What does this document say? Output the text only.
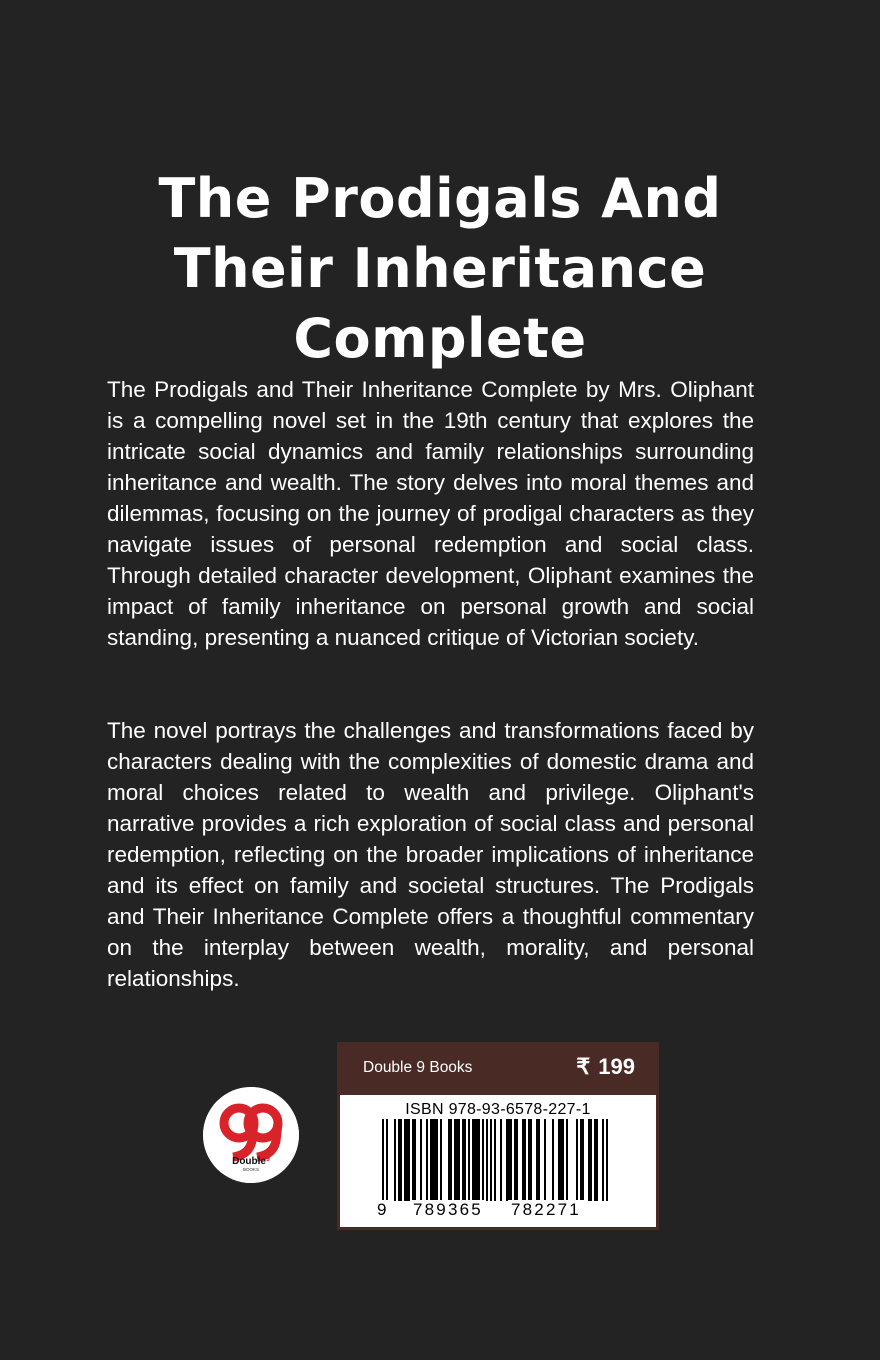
The Prodigals And
Their Inheritance
Complete

The Prodigals and Their Inheritance Complete by Mrs. Oliphant is a compelling novel set in the 19th century that explores the intricate social dynamics and family relationships surrounding inheritance and wealth. The story delves into moral themes and dilemmas, focusing on the journey of prodigal characters as they navigate issues of personal redemption and social class. Through detailed character development, Oliphant examines the impact of family inheritance on personal growth and social standing, presenting a nuanced critique of Victorian society.

The novel portrays the challenges and transformations faced by characters dealing with the complexities of domestic drama and moral choices related to wealth and privilege. Oliphant's narrative provides a rich exploration of social class and personal redemption, reflecting on the broader implications of inheritance and its effect on family and societal structures. The Prodigals and Their Inheritance Complete offers a thoughtful commentary on the interplay between wealth, morality, and personal relationships.

Double$^9$
BOOKS
Double 9 Books	₹ 199
ISBN 978-93-6578-227-1
9 789365 782271
